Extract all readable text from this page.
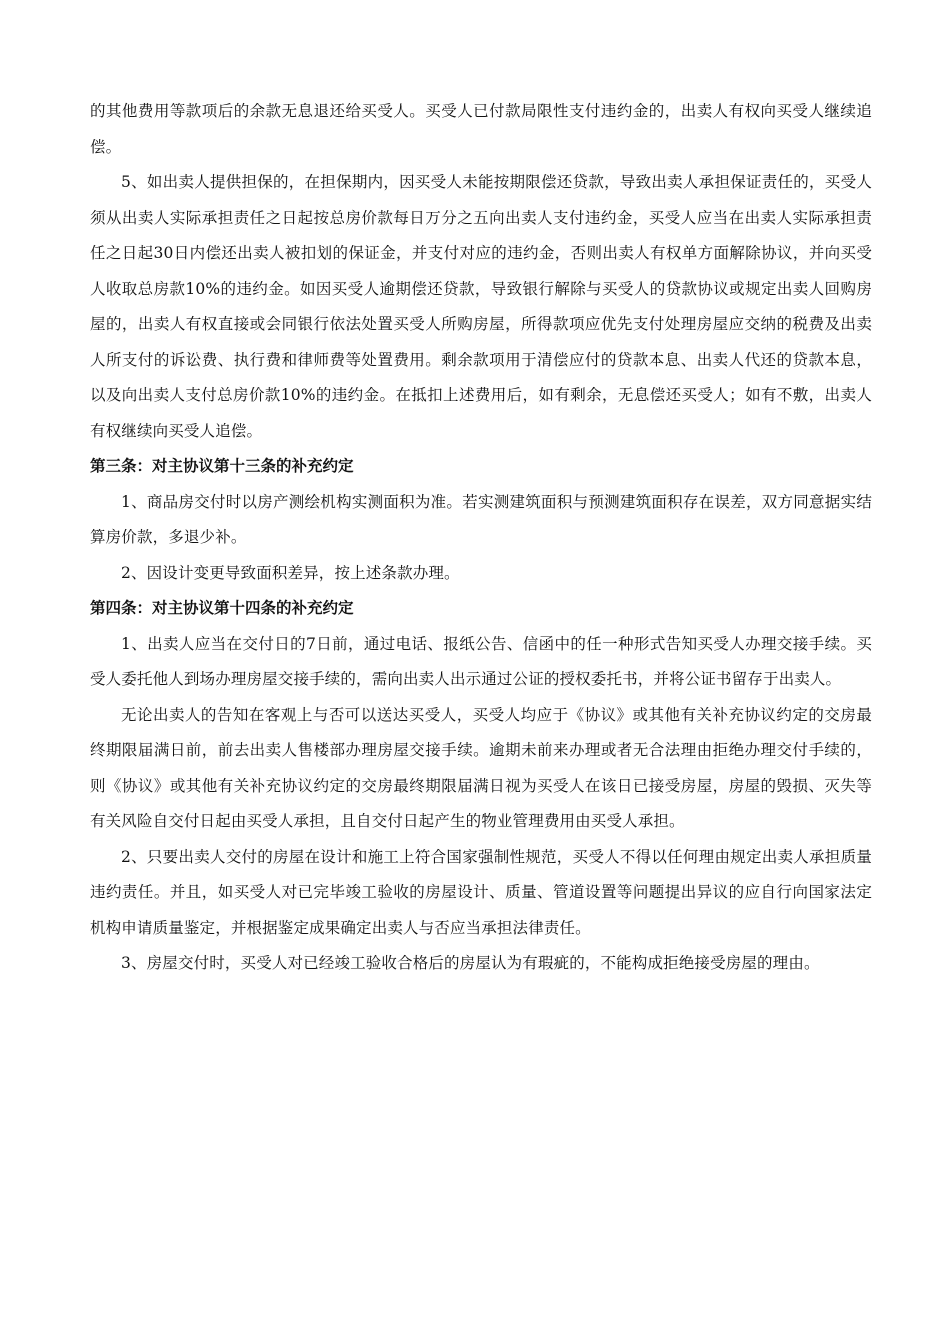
的其他费用等款项后的余款无息退还给买受人。买受人已付款局限性支付违约金的，出卖人有权向买受人继续追偿。

5、如出卖人提供担保的，在担保期内，因买受人未能按期限偿还贷款，导致出卖人承担保证责任的，买受人须从出卖人实际承担责任之日起按总房价款每日万分之五向出卖人支付违约金，买受人应当在出卖人实际承担责任之日起30日内偿还出卖人被扣划的保证金，并支付对应的违约金，否则出卖人有权单方面解除协议，并向买受人收取总房款10%的违约金。如因买受人逾期偿还贷款，导致银行解除与买受人的贷款协议或规定出卖人回购房屋的，出卖人有权直接或会同银行依法处置买受人所购房屋，所得款项应优先支付处理房屋应交纳的税费及出卖人所支付的诉讼费、执行费和律师费等处置费用。剩余款项用于清偿应付的贷款本息、出卖人代还的贷款本息，以及向出卖人支付总房价款10%的违约金。在抵扣上述费用后，如有剩余，无息偿还买受人；如有不敷，出卖人有权继续向买受人追偿。

第三条：对主协议第十三条的补充约定

1、商品房交付时以房产测绘机构实测面积为准。若实测建筑面积与预测建筑面积存在误差，双方同意据实结算房价款，多退少补。

2、因设计变更导致面积差异，按上述条款办理。

第四条：对主协议第十四条的补充约定

1、出卖人应当在交付日的7日前，通过电话、报纸公告、信函中的任一种形式告知买受人办理交接手续。买受人委托他人到场办理房屋交接手续的，需向出卖人出示通过公证的授权委托书，并将公证书留存于出卖人。

无论出卖人的告知在客观上与否可以送达买受人，买受人均应于《协议》或其他有关补充协议约定的交房最终期限届满日前，前去出卖人售楼部办理房屋交接手续。逾期未前来办理或者无合法理由拒绝办理交付手续的，则《协议》或其他有关补充协议约定的交房最终期限届满日视为买受人在该日已接受房屋，房屋的毁损、灭失等有关风险自交付日起由买受人承担，且自交付日起产生的物业管理费用由买受人承担。

2、只要出卖人交付的房屋在设计和施工上符合国家强制性规范，买受人不得以任何理由规定出卖人承担质量违约责任。并且，如买受人对已完毕竣工验收的房屋设计、质量、管道设置等问题提出异议的应自行向国家法定机构申请质量鉴定，并根据鉴定成果确定出卖人与否应当承担法律责任。

3、房屋交付时，买受人对已经竣工验收合格后的房屋认为有瑕疵的，不能构成拒绝接受房屋的理由。
